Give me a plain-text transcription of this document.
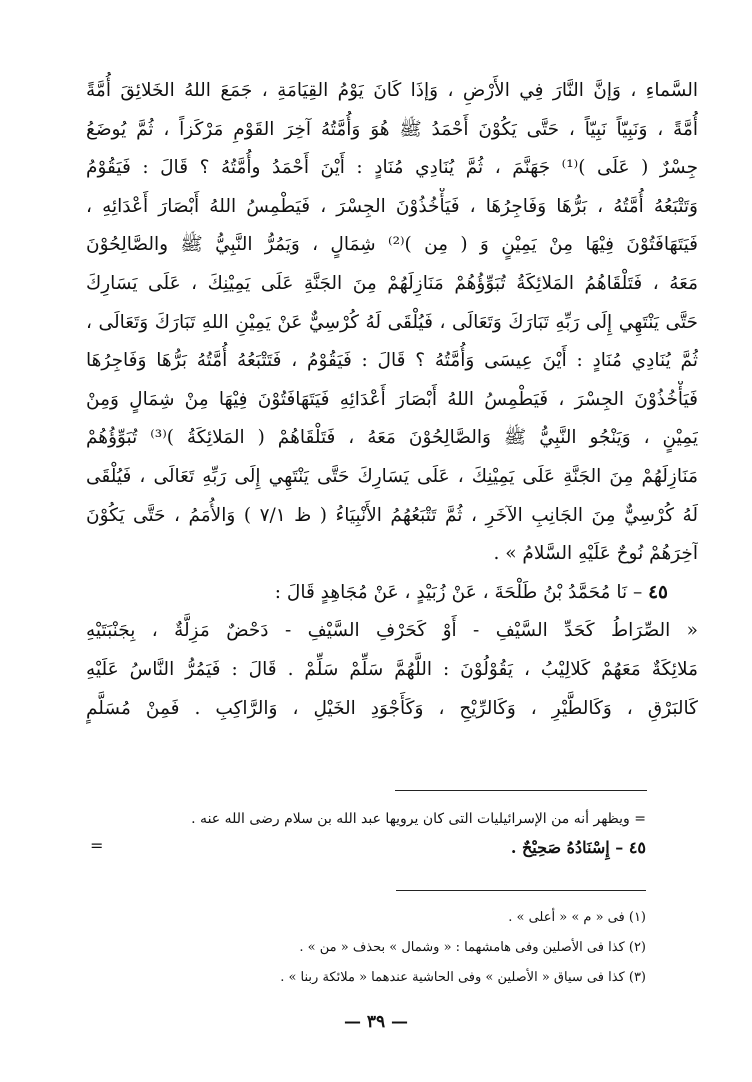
السَّماءِ ، وَإنَّ النَّارَ فِي الأَرْضِ ، وَإذَا كَانَ يَوْمُ القِيَامَةِ ، جَمَعَ اللهُ الخَلائِقَ أُمَّةً
أُمَّةً ، وَنَبِيّاً نَبِيّاً ، حَتَّى يَكُوْنَ أَحْمَدُ ﷺ هُوَ وَأُمَّتُهُ آخِرَ القَوْمِ مَرْكَزاً ، ثُمَّ يُوضَعُ
جِسْرٌ ( عَلَى )⁽¹⁾ جَهَنَّمَ ، ثُمَّ يُنَادِي مُنَادٍ : أَيْنَ أَحْمَدُ وأُمَّتُهُ ؟ قَالَ : فَيَقُوْمُ
وَتَتْبَعُهُ أُمَّتُهُ ، بَرُّهَا وَفَاجِرُهَا ، فَيَأْخُذُوْنَ الجِسْرَ ، فَيَطْمِسُ اللهُ أَبْصَارَ أَعْدَائِهِ ،
فَيَتَهَافَتُوْنَ فِيْهَا مِنْ يَمِيْنٍ وَ ( مِن )⁽²⁾ شِمَالٍ ، وَيَمُرُّ النَّبِيُّ ﷺ والصَّالِحُوْنَ
مَعَهُ ، فَتَلْقَاهُمُ المَلائِكَةُ تُبَوِّؤُهُمْ مَنَازِلَهُمْ مِنَ الجَنَّةِ عَلَى يَمِيْنِكَ ، عَلَى يَسَارِكَ
حَتَّى يَنْتَهِي إِلَى رَبِّهِ تَبَارَكَ وَتَعَالَى ، فَيُلْقَى لَهُ كُرْسِيٌّ عَنْ يَمِيْنِ اللهِ تَبَارَكَ وَتَعَالَى ،
ثُمَّ يُنَادِي مُنَادٍ : أَيْنَ عِيسَى وَأُمَّتُهُ ؟ قَالَ : فَيَقُوْمُ ، فَتَتْبَعُهُ أُمَّتُهُ بَرُّهَا وَفَاجِرُهَا
فَيَأْخُذُوْنَ الجِسْرَ ، فَيَطْمِسُ اللهُ أَبْصَارَ أَعْدَائِهِ فَيَتَهَافَتُوْنَ فِيْهَا مِنْ شِمَالٍ وَمِنْ
يَمِيْنٍ ، وَيَنْجُو النَّبِيُّ ﷺ وَالصَّالِحُوْنَ مَعَهُ ، فَتَلْقَاهُمْ ( المَلائِكَةُ )⁽³⁾ تُبَوِّؤُهُمْ
مَنَازِلَهُمْ مِنَ الجَنَّةِ عَلَى يَمِيْنِكَ ، عَلَى يَسَارِكَ حَتَّى يَنْتَهِي إِلَى رَبِّهِ تَعَالَى ، فَيُلْقَى
لَهُ كُرْسِيٌّ مِنَ الجَانِبِ الآخَرِ ، ثُمَّ تَتْبَعُهُمُ الأَنْبِيَاءُ ( ظ ٧/١ ) وَالأُمَمُ ، حَتَّى يَكُوْنَ
آخِرَهُمْ نُوحٌ عَلَيْهِ السَّلامُ » .
٤٥ – نَا مُحَمَّدُ بْنُ طَلْحَةَ ، عَنْ زُبَيْدٍ ، عَنْ مُجَاهِدٍ قَالَ :
« الصِّرَاطُ كَحَدِّ السَّيْفِ - أَوْ كَحَرْفِ السَّيْفِ - دَحْضٌ مَزِلَّةٌ ، بِجَنْبَتَيْهِ
مَلائِكَةٌ مَعَهُمْ كَلالِيْبُ ، يَقُوْلُوْنَ : اللَّهُمَّ سَلِّمْ سَلِّمْ . قَالَ : فَيَمُرُّ النَّاسُ عَلَيْهِ
كَالبَرْقِ ، وَكَالطَّيْرِ ، وَكَالرِّيْحِ ، وَكَأَجْوَدِ الخَيْلِ ، وَالرَّاكِبِ . فَمِنْ مُسَلَّمٍ
= ويظهر أنه من الإسرائيليات التى كان يرويها عبد الله بن سلام رضى الله عنه .
٤٥ – إِسْنَادُهُ صَحِيْحٌ .
=
(١) فى « م » « أعلى » .
(٢) كذا فى الأصلين وفى هامشهما : « وشمال » بحذف « من » .
(٣) كذا فى سياق « الأصلين » وفى الحاشية عندهما « ملائكة ربنا » .
— ٣٩ —
